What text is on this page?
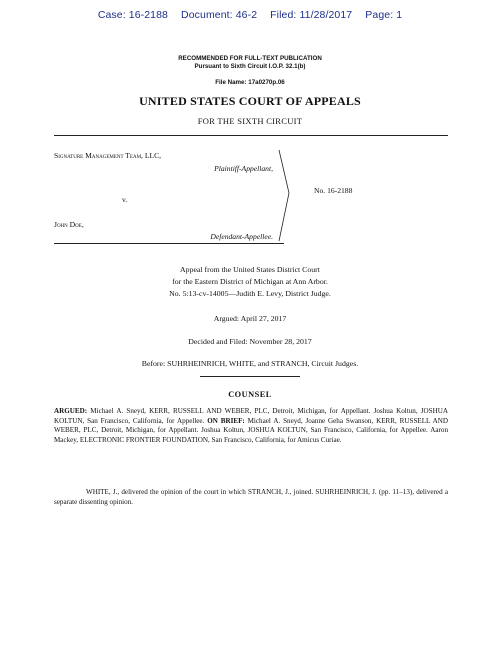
Case: 16-2188 Document: 46-2 Filed: 11/28/2017 Page: 1
RECOMMENDED FOR FULL-TEXT PUBLICATION
Pursuant to Sixth Circuit I.O.P. 32.1(b)
File Name: 17a0270p.06
UNITED STATES COURT OF APPEALS
FOR THE SIXTH CIRCUIT
Signature Management Team, LLC,
Plaintiff-Appellant,
v.
John Doe,
Defendant-Appellee.
No. 16-2188
Appeal from the United States District Court
for the Eastern District of Michigan at Ann Arbor.
No. 5:13-cv-14005—Judith E. Levy, District Judge.
Argued: April 27, 2017
Decided and Filed: November 28, 2017
Before: SUHRHEINRICH, WHITE, and STRANCH, Circuit Judges.
COUNSEL
ARGUED: Michael A. Sneyd, KERR, RUSSELL AND WEBER, PLC, Detroit, Michigan, for Appellant. Joshua Koltun, JOSHUA KOLTUN, San Francisco, California, for Appellee. ON BRIEF: Michael A. Sneyd, Joanne Geha Swanson, KERR, RUSSELL AND WEBER, PLC, Detroit, Michigan, for Appellant. Joshua Koltun, JOSHUA KOLTUN, San Francisco, California, for Appellee. Aaron Mackey, ELECTRONIC FRONTIER FOUNDATION, San Francisco, California, for Amicus Curiae.
WHITE, J., delivered the opinion of the court in which STRANCH, J., joined. SUHRHEINRICH, J. (pp. 11–13), delivered a separate dissenting opinion.
